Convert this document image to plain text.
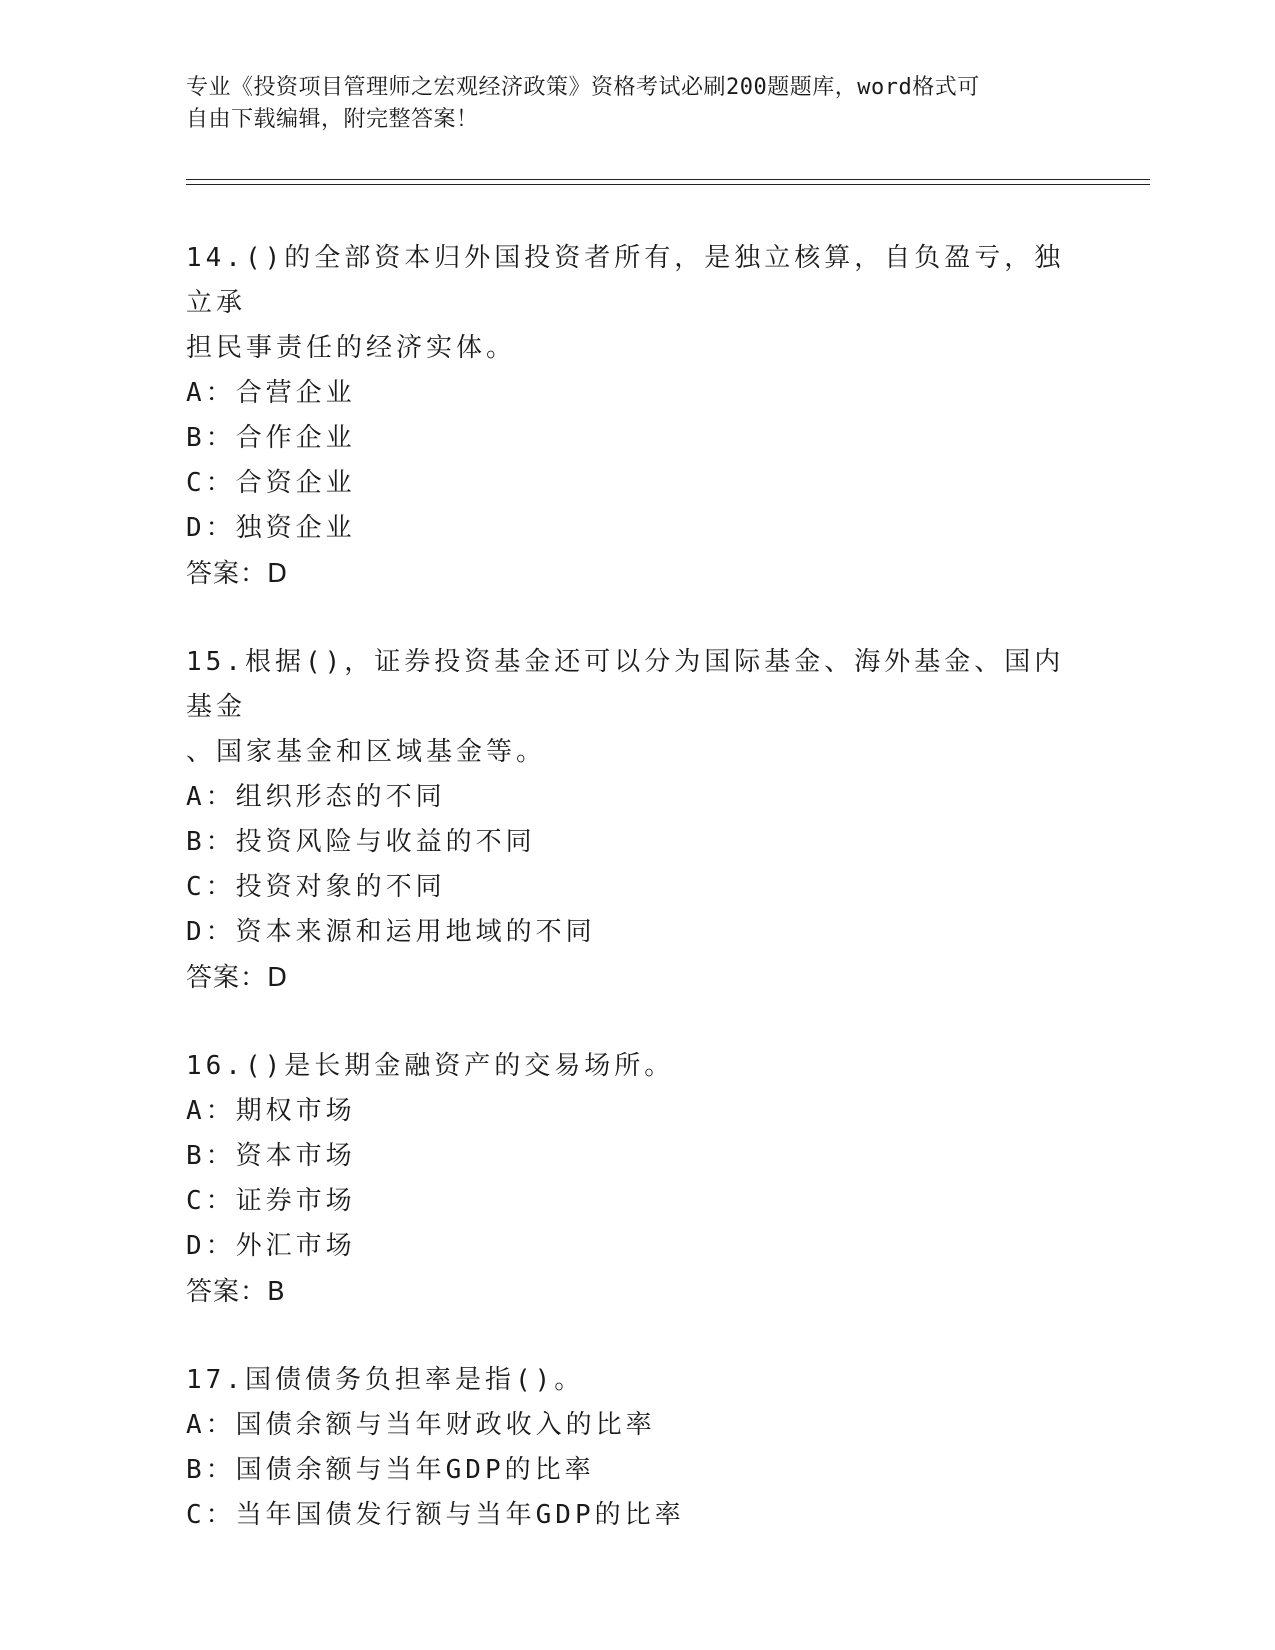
专业《投资项目管理师之宏观经济政策》资格考试必刷200题题库，word格式可
自由下载编辑，附完整答案！
14.()的全部资本归外国投资者所有，是独立核算，自负盈亏，独立承
担民事责任的经济实体。
A：合营企业
B：合作企业
C：合资企业
D：独资企业
答案：D
15.根据()，证券投资基金还可以分为国际基金、海外基金、国内基金
、国家基金和区域基金等。
A：组织形态的不同
B：投资风险与收益的不同
C：投资对象的不同
D：资本来源和运用地域的不同
答案：D
16.()是长期金融资产的交易场所。
A：期权市场
B：资本市场
C：证券市场
D：外汇市场
答案：B
17.国债债务负担率是指()。
A：国债余额与当年财政收入的比率
B：国债余额与当年GDP的比率
C：当年国债发行额与当年GDP的比率
